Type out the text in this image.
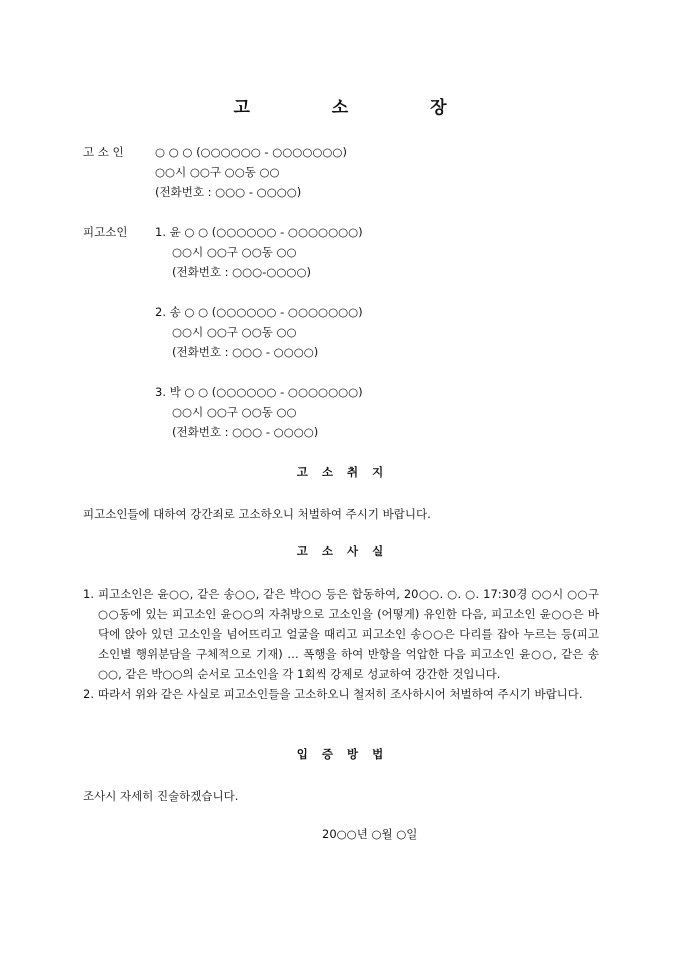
고 소 장
고 소 인	○ ○ ○ (○○○○○○ - ○○○○○○○)
○○시 ○○구 ○○동 ○○
(전화번호 : ○○○ - ○○○○)
피고소인 1. 윤 ○ ○ (○○○○○○ - ○○○○○○○)
○○시 ○○구 ○○동 ○○
(전화번호 : ○○○-○○○○)
2. 송 ○ ○ (○○○○○○ - ○○○○○○○)
○○시 ○○구 ○○동 ○○
(전화번호 : ○○○ - ○○○○)
3. 박 ○ ○ (○○○○○○ - ○○○○○○○)
○○시 ○○구 ○○동 ○○
(전화번호 : ○○○ - ○○○○)
고 소 취 지
피고소인들에 대하여 강간죄로 고소하오니 처벌하여 주시기 바랍니다.
고 소 사 실
1. 피고소인은 윤○○, 같은 송○○, 같은 박○○ 등은 합동하여, 20○○. ○. ○. 17:30경 ○○시 ○○구 ○○동에 있는 피고소인 윤○○의 자취방으로 고소인을 (어떻게) 유인한 다음, 피고소인 윤○○은 바닥에 앉아 있던 고소인을 넘어뜨리고 얼굴을 때리고 피고소인 송○○은 다리를 잡아 누르는 등(피고소인별 행위분담을 구체적으로 기재) … 폭행을 하여 반항을 억압한 다음 피고소인 윤○○, 같은 송○○, 같은 박○○의 순서로 고소인을 각 1회씩 강제로 성교하여 강간한 것입니다.
2. 따라서 위와 같은 사실로 피고소인들을 고소하오니 철저히 조사하시어 처벌하여 주시기 바랍니다.
입 증 방 법
조사시 자세히 진술하겠습니다.
20○○년 ○월 ○일
